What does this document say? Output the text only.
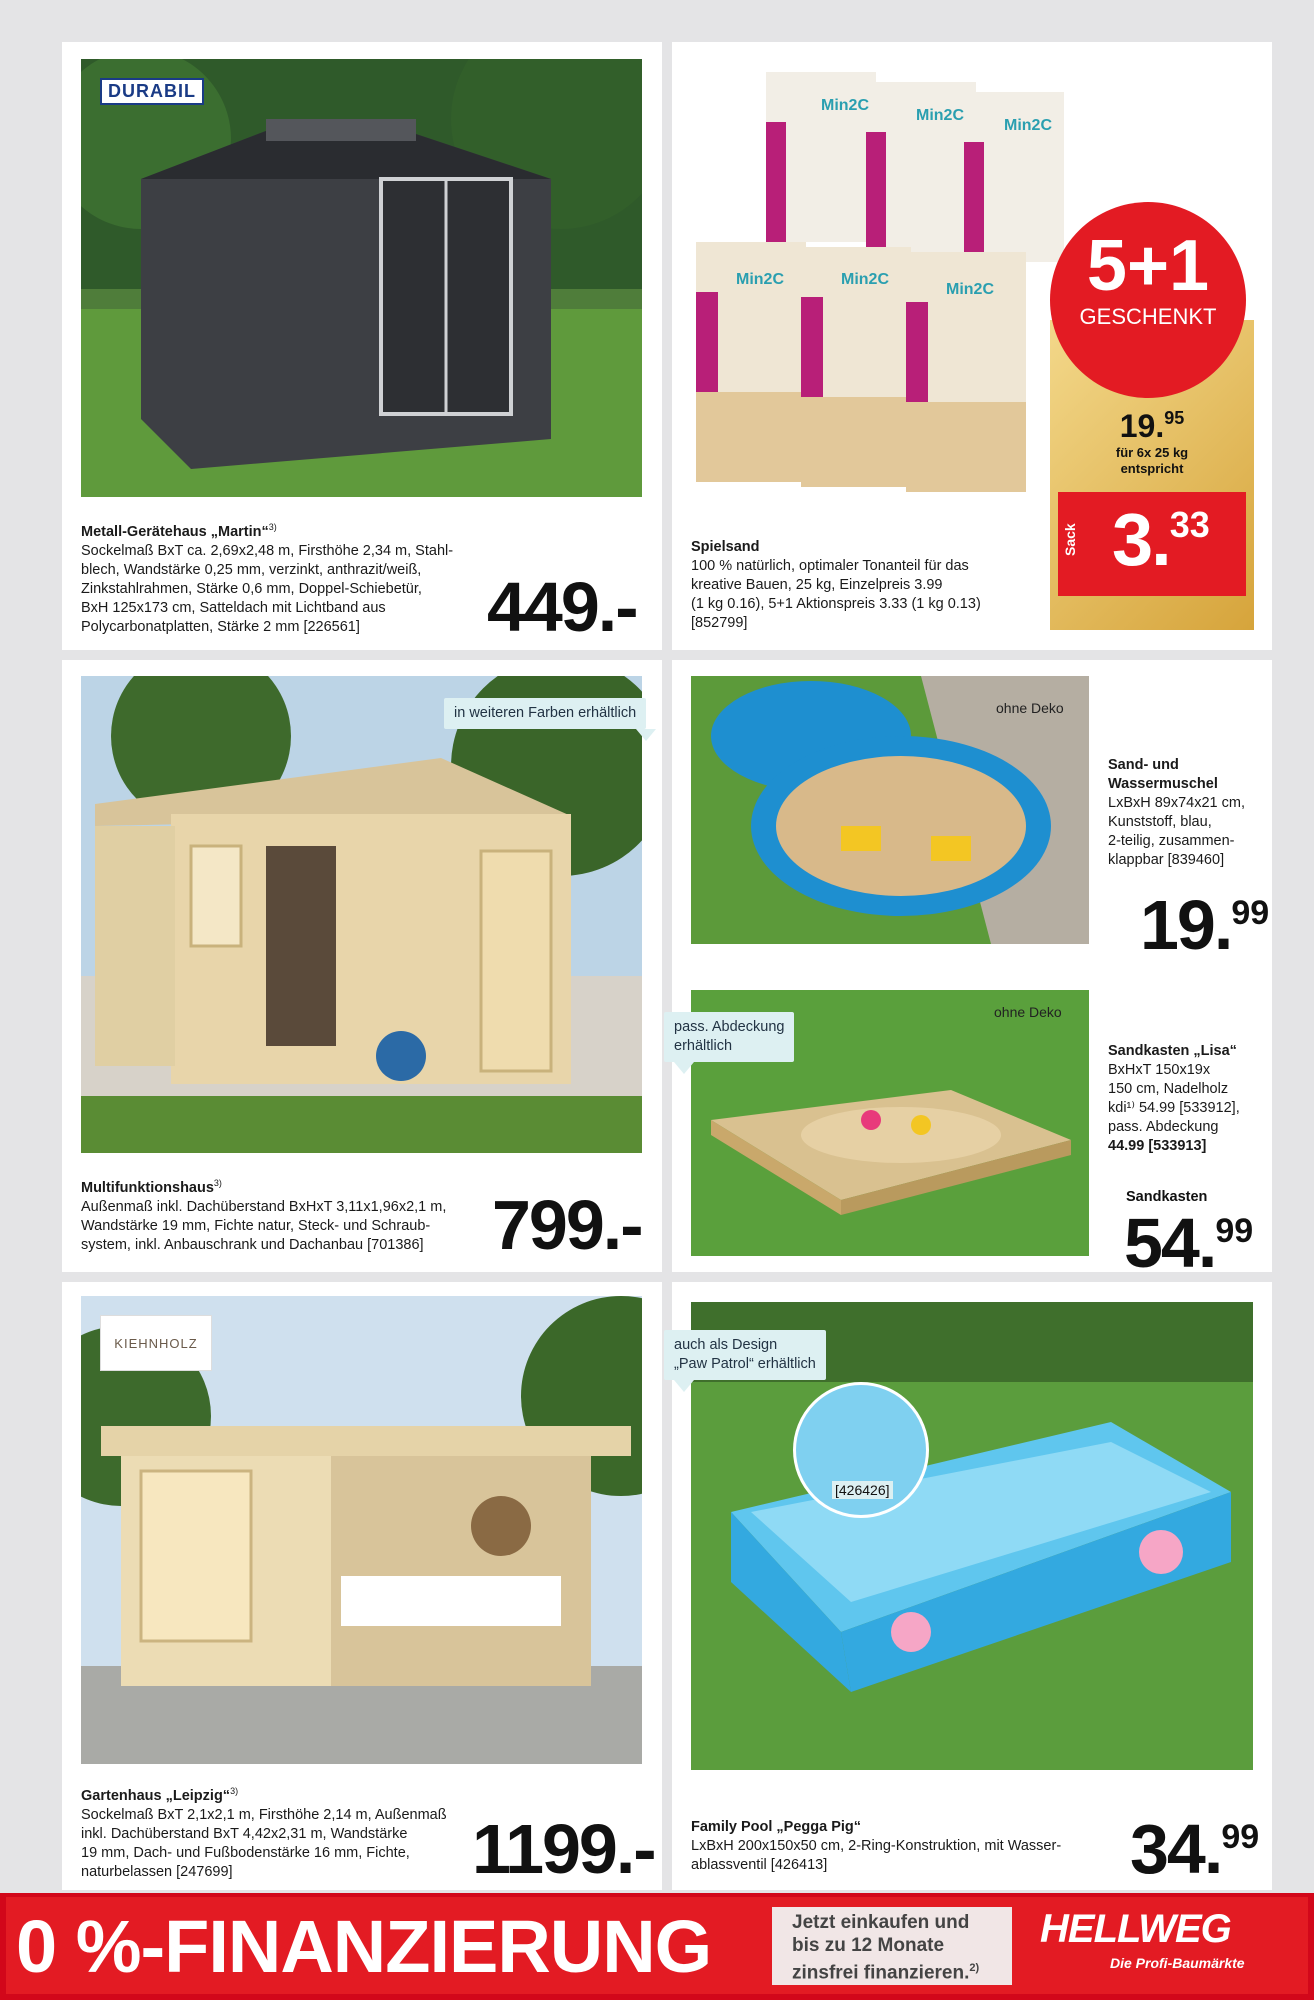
DURABIL
Metall-Gerätehaus „Martin“$^{3)}$
Sockelmaß BxT ca. 2,69x2,48 m, Firsthöhe 2,34 m, Stahl-
blech, Wandstärke 0,25 mm, verzinkt, anthrazit/weiß,
Zinkstahlrahmen, Stärke 0,6 mm, Doppel-Schiebetür,
BxH 125x173 cm, Satteldach mit Lichtband aus
Polycarbonatplatten, Stärke 2 mm [226561]	449.-
Min2C
Min2C
Min2C
Min2C	Min2C
Min2C	5+1
GESCHENKT
19.95
für 6x 25 kg
entspricht
Sack 3.33
Spielsand
100 % natürlich, optimaler Tonanteil für das
kreative Bauen, 25 kg, Einzelpreis 3.99
(1 kg 0.16), 5+1 Aktionspreis 3.33 (1 kg 0.13)
[852799]
in weiteren Farben erhältlich
Multifunktionshaus$^{3)}$
Außenmaß inkl. Dachüberstand BxHxT 3,11x1,96x2,1 m,
Wandstärke 19 mm, Fichte natur, Steck- und Schraub-
system, inkl. Anbauschrank und Dachanbau [701386] 799.-
ohne Deko
Sand- und
Wassermuschel
LxBxH 89x74x21 cm,
Kunststoff, blau,
2-teilig, zusammen-
klappbar [839460]
19.99
ohne Deko
pass. Abdeckung
erhältlich	Sandkasten „Lisa“
BxHxT 150x19x
150 cm, Nadelholz
kdi¹⁾ 54.99 [533912],
pass. Abdeckung
44.99 [533913]
Sandkasten
54.99
KIEHNHOLZ
Gartenhaus „Leipzig“$^{3)}$
Sockelmaß BxT 2,1x2,1 m, Firsthöhe 2,14 m, Außenmaß
inkl. Dachüberstand BxT 4,42x2,31 m, Wandstärke
19 mm, Dach- und Fußbodenstärke 16 mm, Fichte,
naturbelassen [247699]	1199.-
[426426]
auch als Design
„Paw Patrol“ erhältlich
Family Pool „Pegga Pig“
LxBxH 200x150x50 cm, 2-Ring-Konstruktion, mit Wasser-
ablassventil [426413]	34.99
0 %-FINANZIERUNG	Jetzt einkaufen und
bis zu 12 Monate
zinsfrei finanzieren.$^{2)}$
HELLWEG
Die Profi-Baumärkte
